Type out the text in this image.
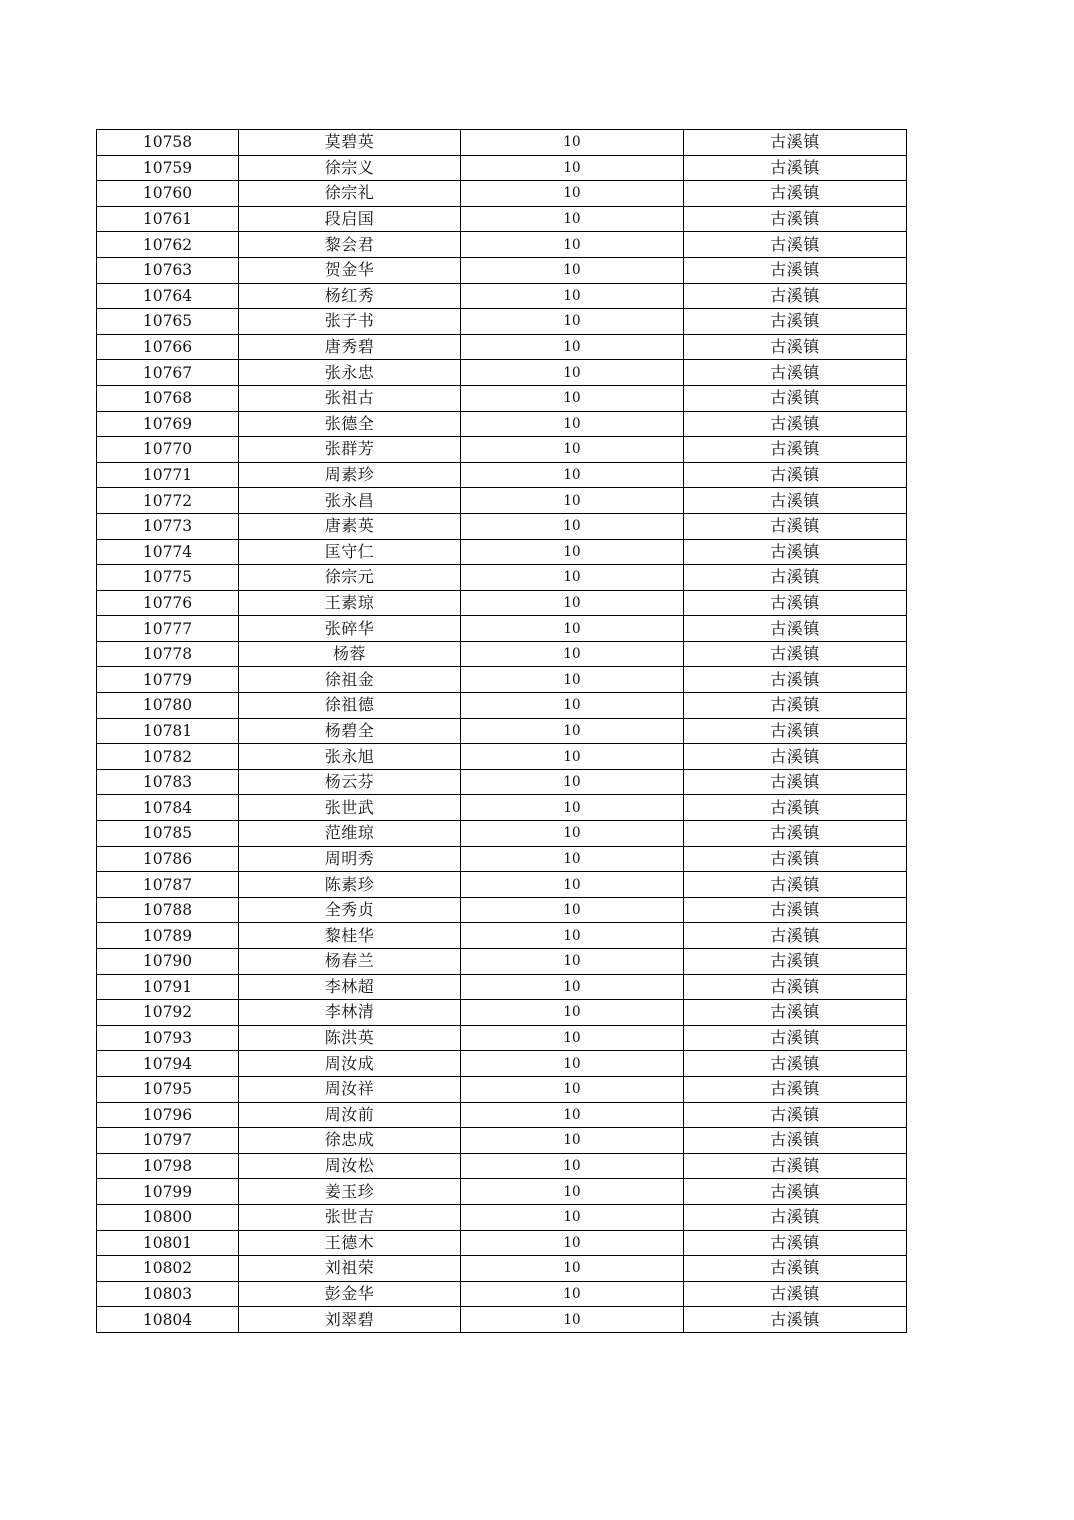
10758	莫碧英	10	古溪镇
10759	徐宗义	10	古溪镇
10760	徐宗礼	10	古溪镇
10761	段启国	10	古溪镇
10762	黎会君	10	古溪镇
10763	贺金华	10	古溪镇
10764	杨红秀	10	古溪镇
10765	张子书	10	古溪镇
10766	唐秀碧	10	古溪镇
10767	张永忠	10	古溪镇
10768	张祖古	10	古溪镇
10769	张德全	10	古溪镇
10770	张群芳	10	古溪镇
10771	周素珍	10	古溪镇
10772	张永昌	10	古溪镇
10773	唐素英	10	古溪镇
10774	匡守仁	10	古溪镇
10775	徐宗元	10	古溪镇
10776	王素琼	10	古溪镇
10777	张碎华	10	古溪镇
10778	杨蓉	10	古溪镇
10779	徐祖金	10	古溪镇
10780	徐祖德	10	古溪镇
10781	杨碧全	10	古溪镇
10782	张永旭	10	古溪镇
10783	杨云芬	10	古溪镇
10784	张世武	10	古溪镇
10785	范维琼	10	古溪镇
10786	周明秀	10	古溪镇
10787	陈素珍	10	古溪镇
10788	全秀贞	10	古溪镇
10789	黎桂华	10	古溪镇
10790	杨春兰	10	古溪镇
10791	李林超	10	古溪镇
10792	李林清	10	古溪镇
10793	陈洪英	10	古溪镇
10794	周汝成	10	古溪镇
10795	周汝祥	10	古溪镇
10796	周汝前	10	古溪镇
10797	徐忠成	10	古溪镇
10798	周汝松	10	古溪镇
10799	姜玉珍	10	古溪镇
10800	张世吉	10	古溪镇
10801	王德木	10	古溪镇
10802	刘祖荣	10	古溪镇
10803	彭金华	10	古溪镇
10804	刘翠碧	10	古溪镇
